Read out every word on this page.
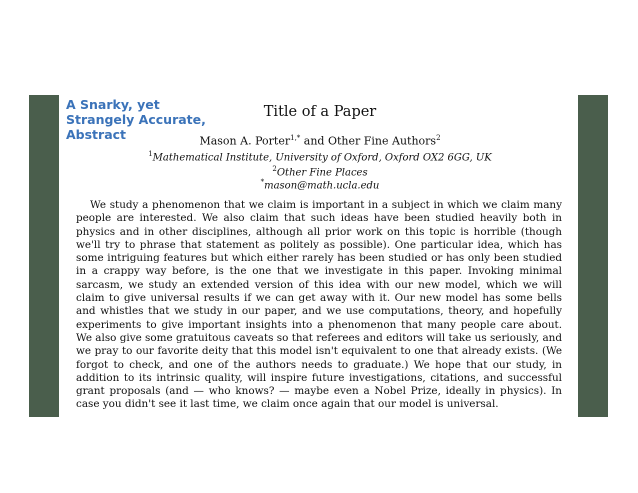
A Snarky, yet
Strangely Accurate,
Abstract
Title of a Paper
Mason A. Porter$^{1,*}$ and Other Fine Authors$^2$
$^1$Mathematical Institute, University of Oxford, Oxford OX2 6GG, UK
$^2$Other Fine Places
*mason@math.ucla.edu

We study a phenomenon that we claim is important in a subject in which we claim many people are interested. We also claim that such ideas have been studied heavily both in physics and in other disciplines, although all prior work on this topic is horrible (though we'll try to phrase that statement as politely as possible). One particular idea, which has some intriguing features but which either rarely has been studied or has only been studied in a crappy way before, is the one that we investigate in this paper. Invoking minimal sarcasm, we study an extended version of this idea with our new model, which we will claim to give universal results if we can get away with it. Our new model has some bells and whistles that we study in our paper, and we use computations, theory, and hopefully experiments to give important insights into a phenomenon that many people care about. We also give some gratuitous caveats so that referees and editors will take us seriously, and we pray to our favorite deity that this model isn't equivalent to one that already exists. (We forgot to check, and one of the authors needs to graduate.) We hope that our study, in addition to its intrinsic quality, will inspire future investigations, citations, and successful grant proposals (and — who knows? — maybe even a Nobel Prize, ideally in physics). In case you didn't see it last time, we claim once again that our model is universal.
